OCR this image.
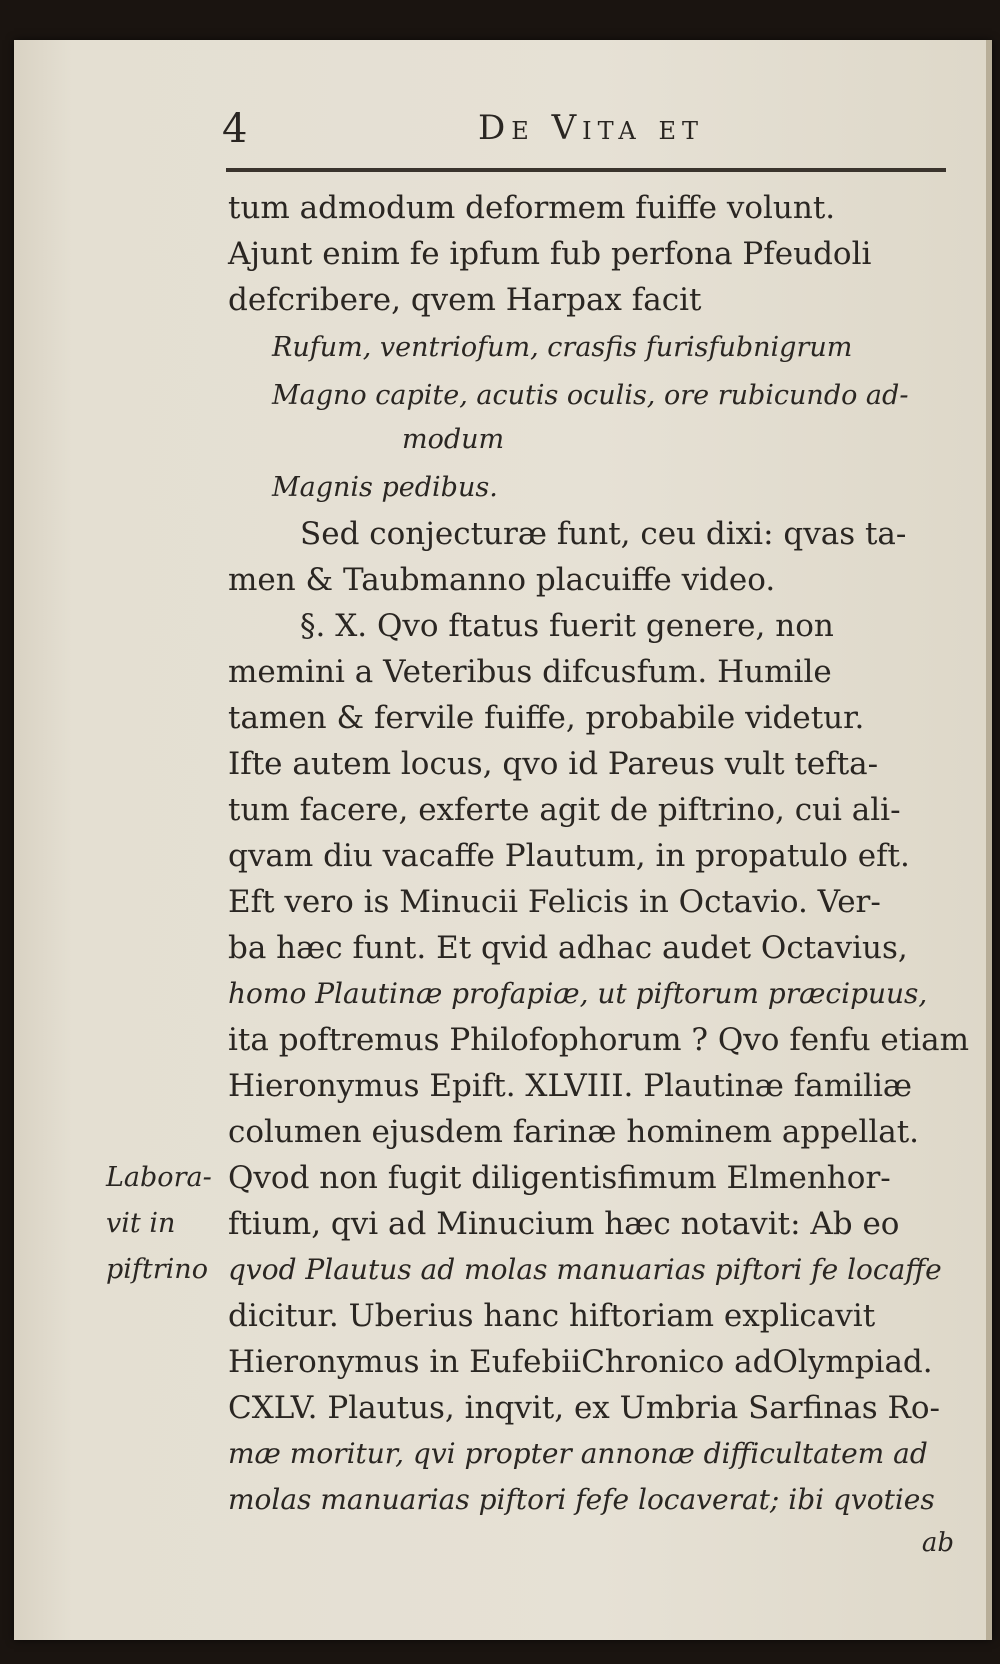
4	De Vita et
tum admodum deformem fuiffe volunt.
Ajunt enim fe ipfum fub perfona Pfeudoli
defcribere, qvem Harpax facit
Rufum, ventriofum, crasfis furisfubnigrum
Magno capite, acutis oculis, ore rubicundo ad-
modum
Magnis pedibus.
Sed conjecturæ funt, ceu dixi: qvas ta-
men & Taubmanno placuiffe video.
§. X. Qvo ftatus fuerit genere, non
memini a Veteribus difcusfum. Humile
tamen & fervile fuiffe, probabile videtur.
Ifte autem locus, qvo id Pareus vult tefta-
tum facere, exferte agit de piftrino, cui ali-
qvam diu vacaffe Plautum, in propatulo eft.
Eft vero is Minucii Felicis in Octavio. Ver-
ba hæc funt. Et qvid adhac audet Octavius,
homo Plautinæ profapiæ, ut piftorum præcipuus,
ita poftremus Philofophorum ? Qvo fenfu etiam
Hieronymus Epift. XLVIII. Plautinæ familiæ
columen ejusdem farinæ hominem appellat.
Qvod non fugit diligentisfimum Elmenhor-
ftium, qvi ad Minucium hæc notavit: Ab eo
qvod Plautus ad molas manuarias piftori fe locaffe
dicitur. Uberius hanc hiftoriam explicavit
Hieronymus in EufebiiChronico adOlympiad.
CXLV. Plautus, inqvit, ex Umbria Sarfinas Ro-
mæ moritur, qvi propter annonæ difficultatem ad
molas manuarias piftori fefe locaverat; ibi qvoties
ab
Labora-
vit in
piftrino
